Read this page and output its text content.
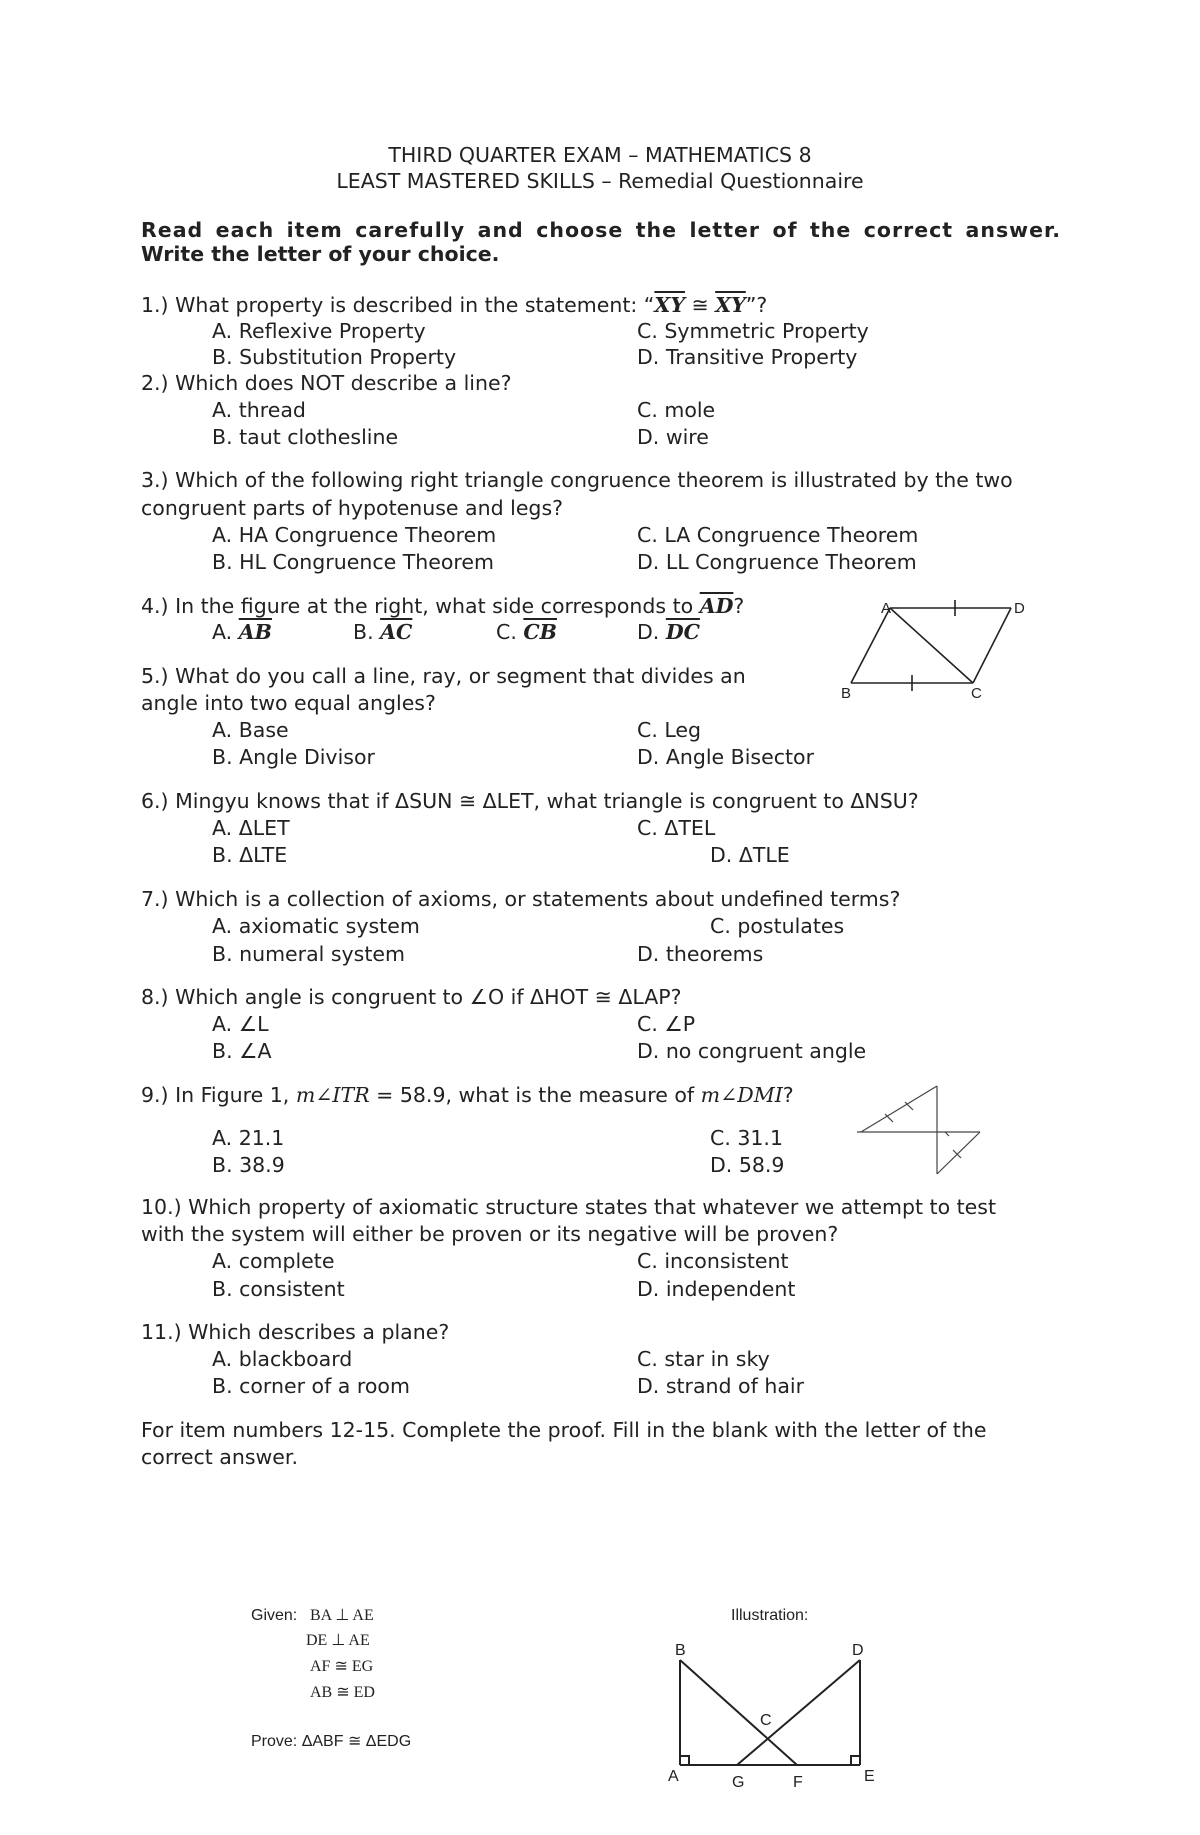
THIRD QUARTER EXAM – MATHEMATICS 8
LEAST MASTERED SKILLS – Remedial Questionnaire
Read each item carefully and choose the letter of the correct answer.
Write the letter of your choice.
1.) What property is described in the statement: “$\overline{XY}$ ≅ $\overline{XY}$”?
A. Reflexive Property	C. Symmetric Property
B. Substitution Property	D. Transitive Property
2.) Which does NOT describe a line?
A. thread	C. mole
B. taut clothesline	D. wire
3.) Which of the following right triangle congruence theorem is illustrated by the two
congruent parts of hypotenuse and legs?
A. HA Congruence Theorem	C. LA Congruence Theorem
B. HL Congruence Theorem	D. LL Congruence Theorem
4.) In the figure at the right, what side corresponds to $\overline{AD}$?
A. $\overline{AB}$	B. $\overline{AC}$	C. $\overline{CB}$	D. $\overline{DC}$
A	D
B	C
5.) What do you call a line, ray, or segment that divides an
angle into two equal angles?
A. Base	C. Leg
B. Angle Divisor	D. Angle Bisector
6.) Mingyu knows that if ΔSUN ≅ ΔLET, what triangle is congruent to ΔNSU?
A. ΔLET	C. ΔTEL
B. ΔLTE	D. ΔTLE
7.) Which is a collection of axioms, or statements about undefined terms?
A. axiomatic system	C. postulates
B. numeral system	D. theorems
8.) Which angle is congruent to ∠O if ΔHOT ≅ ΔLAP?
A. ∠L	C. ∠P
B. ∠A	D. no congruent angle
9.) In Figure 1, m∠ITR = 58.9, what is the measure of m∠DMI?
A. 21.1	C. 31.1
B. 38.9	D. 58.9
10.) Which property of axiomatic structure states that whatever we attempt to test
with the system will either be proven or its negative will be proven?
A. complete	C. inconsistent
B. consistent	D. independent
11.) Which describes a plane?
A. blackboard	C. star in sky
B. corner of a room	D. strand of hair
For item numbers 12-15. Complete the proof. Fill in the blank with the letter of the
correct answer.
Given: BA ⊥ AE
DE ⊥ AE
AF ≅ EG
AB ≅ ED
Prove: ΔABF ≅ ΔEDG
Illustration:
B	D
C
A	G	F	E
